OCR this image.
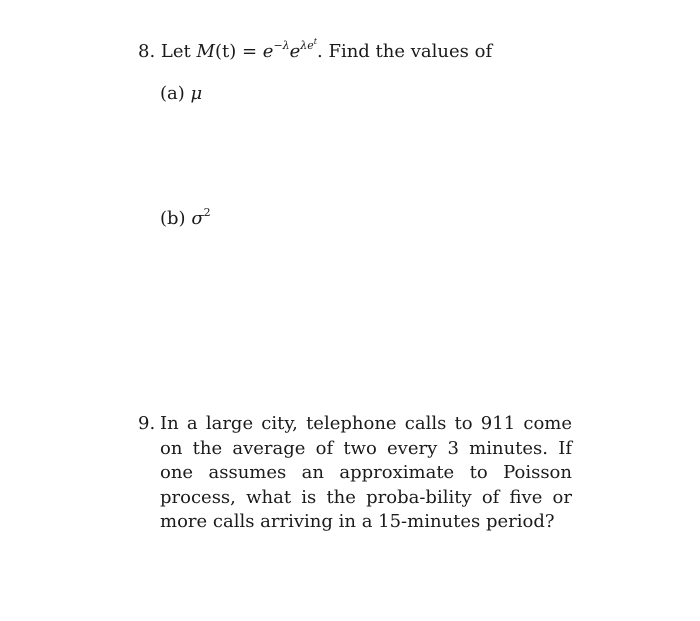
8. Let $M(t) = e^{-\lambda}e^{\lambda e^t}$. Find the values of
(a) μ
(b) $\sigma^2$
9. In a large city, telephone calls to 911 come on the average of two every 3 minutes. If one assumes an approximate to Poisson process, what is the proba-bility of five or more calls arriving in a 15-minutes period?
